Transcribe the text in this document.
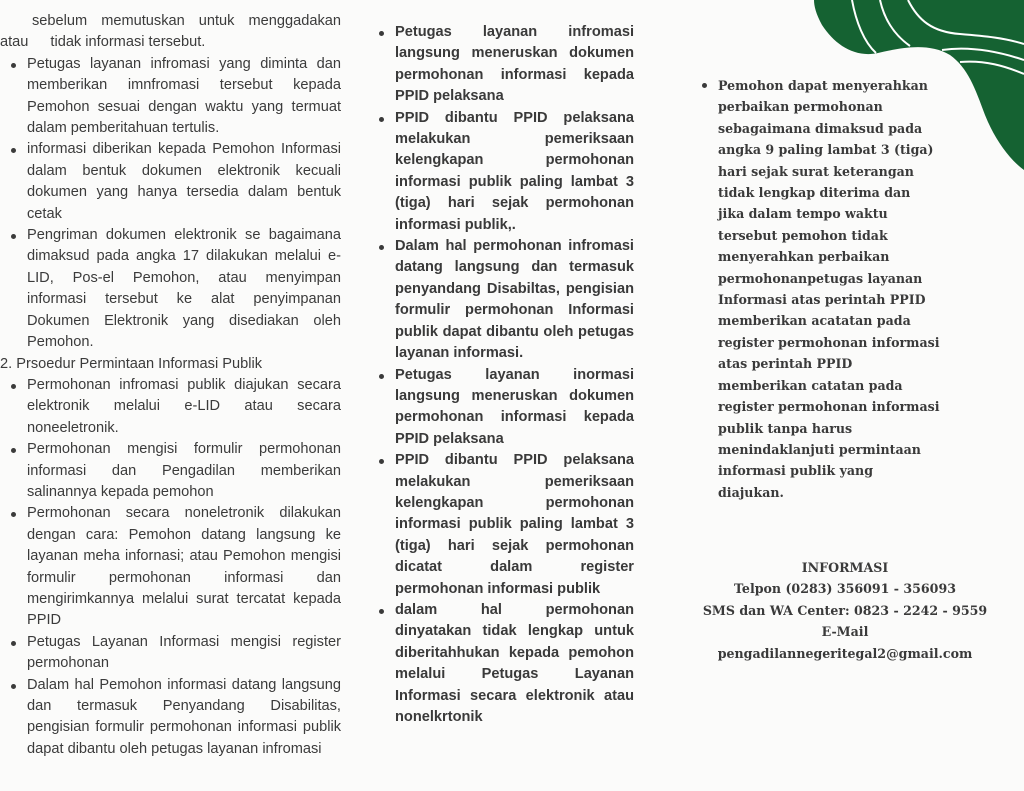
sebelum memutuskan untuk menggadakan
atau tidak informasi tersebut.

Petugas layanan infromasi yang diminta dan memberikan imnfromasi tersebut kepada Pemohon sesuai dengan waktu yang termuat dalam pemberitahuan tertulis.
informasi diberikan kepada Pemohon Informasi dalam bentuk dokumen elektronik kecuali dokumen yang hanya tersedia dalam bentuk cetak
Pengriman dokumen elektronik se bagaimana dimaksud pada angka 17 dilakukan melalui e- LID, Pos-el Pemohon, atau menyimpan informasi tersebut ke alat penyimpanan Dokumen Elektronik yang disediakan oleh Pemohon.

2. Prsoedur Permintaan Informasi Publik

Permohonan infromasi publik diajukan secara elektronik melalui e-LID atau secara noneeletronik.
Permohonan mengisi formulir permohonan informasi dan Pengadilan memberikan salinannya kepada pemohon
Permohonan secara noneletronik dilakukan dengan cara: Pemohon datang langsung ke layanan meha infornasi; atau Pemohon mengisi formulir permohonan informasi dan mengirimkannya melalui surat tercatat kepada PPID
Petugas Layanan Informasi mengisi register permohonan
Dalam hal Pemohon informasi datang langsung dan termasuk Penyandang Disabilitas, pengisian formulir permohonan informasi publik dapat dibantu oleh petugas layanan infromasi
Petugas layanan infromasi langsung meneruskan dokumen permohonan informasi kepada PPID pelaksana
PPID dibantu PPID pelaksana melakukan pemeriksaan kelengkapan permohonan informasi publik paling lambat 3 (tiga) hari sejak permohonan informasi publik,.
Dalam hal permohonan infromasi datang langsung dan termasuk penyandang Disabiltas, pengisian formulir permohonan Informasi publik dapat dibantu oleh petugas layanan informasi.
Petugas layanan inormasi langsung meneruskan dokumen permohonan informasi kepada PPID pelaksana
PPID dibantu PPID pelaksana melakukan pemeriksaan kelengkapan permohonan informasi publik paling lambat 3 (tiga) hari sejak permohonan dicatat dalam register permohonan informasi publik
dalam hal permohonan dinyatakan tidak lengkap untuk diberitahhukan kepada pemohon melalui Petugas Layanan Informasi secara elektronik atau nonelkrtonik
Pemohon dapat menyerahkan
perbaikan permohonan
sebagaimana dimaksud pada
angka 9 paling lambat 3 (tiga)
hari sejak surat keterangan
tidak lengkap diterima dan
jika dalam tempo waktu
tersebut pemohon tidak
menyerahkan perbaikan
permohonanpetugas layanan
Informasi atas perintah PPID
memberikan acatatan pada
register permohonan informasi
atas perintah PPID
memberikan catatan pada
register permohonan informasi
publik tanpa harus
menindaklanjuti permintaan
informasi publik yang
diajukan.
INFORMASI
Telpon (0283) 356091 - 356093
SMS dan WA Center: 0823 - 2242 - 9559
E-Mail
pengadilannegeritegal2@gmail.com
